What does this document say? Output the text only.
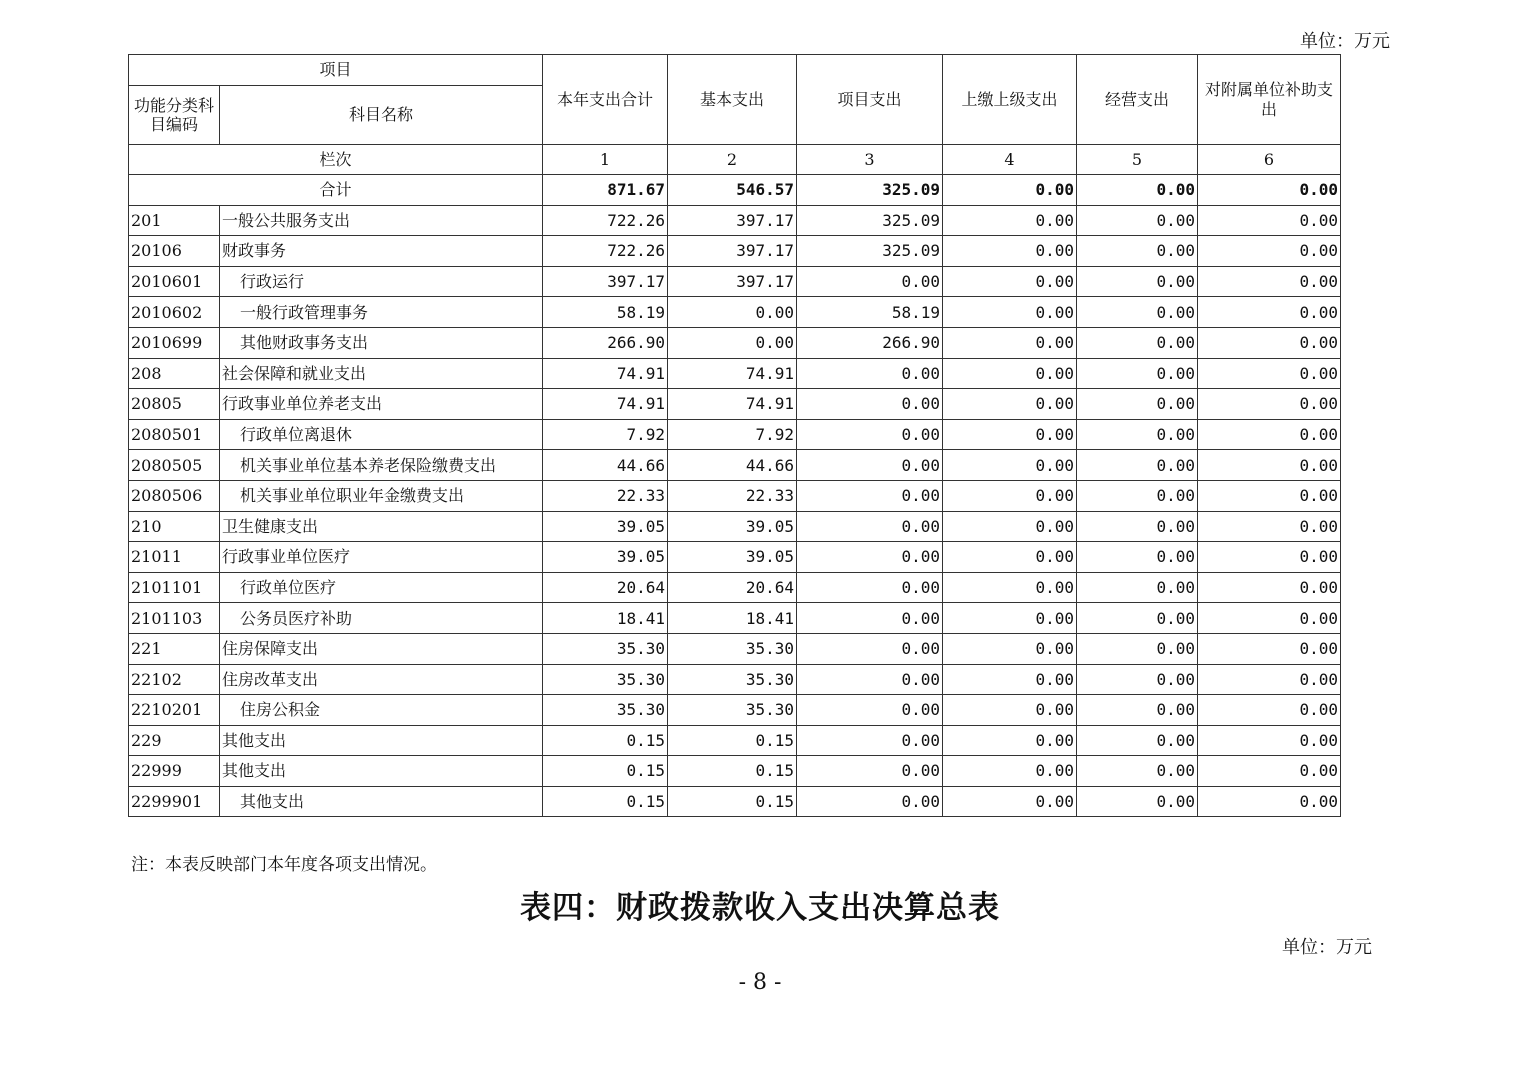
单位：万元
项目		本年支出合计	基本支出	项目支出	上缴上级支出	经营支出	对附属单位补助支出
功能分类科目编码	科目名称						
栏次		1	2	3	4	5	6
合计		871.67	546.57	325.09	0.00	0.00	0.00
201	一般公共服务支出	722.26	397.17	325.09	0.00	0.00	0.00
20106	财政事务	722.26	397.17	325.09	0.00	0.00	0.00
2010601	行政运行	397.17	397.17	0.00	0.00	0.00	0.00
2010602	一般行政管理事务	58.19	0.00	58.19	0.00	0.00	0.00
2010699	其他财政事务支出	266.90	0.00	266.90	0.00	0.00	0.00
208	社会保障和就业支出	74.91	74.91	0.00	0.00	0.00	0.00
20805	行政事业单位养老支出	74.91	74.91	0.00	0.00	0.00	0.00
2080501	行政单位离退休	7.92	7.92	0.00	0.00	0.00	0.00
2080505	机关事业单位基本养老保险缴费支出	44.66	44.66	0.00	0.00	0.00	0.00
2080506	机关事业单位职业年金缴费支出	22.33	22.33	0.00	0.00	0.00	0.00
210	卫生健康支出	39.05	39.05	0.00	0.00	0.00	0.00
21011	行政事业单位医疗	39.05	39.05	0.00	0.00	0.00	0.00
2101101	行政单位医疗	20.64	20.64	0.00	0.00	0.00	0.00
2101103	公务员医疗补助	18.41	18.41	0.00	0.00	0.00	0.00
221	住房保障支出	35.30	35.30	0.00	0.00	0.00	0.00
22102	住房改革支出	35.30	35.30	0.00	0.00	0.00	0.00
2210201	住房公积金	35.30	35.30	0.00	0.00	0.00	0.00
229	其他支出	0.15	0.15	0.00	0.00	0.00	0.00
22999	其他支出	0.15	0.15	0.00	0.00	0.00	0.00
2299901	其他支出	0.15	0.15	0.00	0.00	0.00	0.00
注：本表反映部门本年度各项支出情况。
表四：财政拨款收入支出决算总表
单位：万元
- 8 -
